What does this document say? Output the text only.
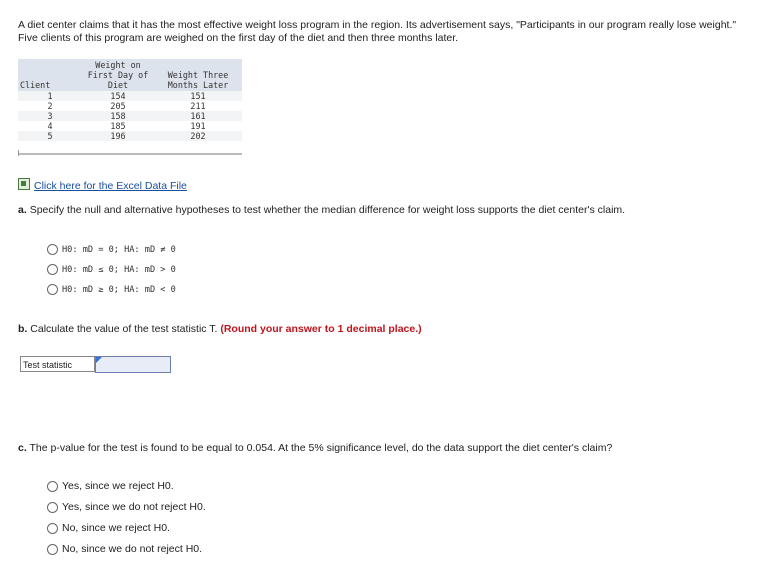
A diet center claims that it has the most effective weight loss program in the region. Its advertisement says, "Participants in our program really lose weight." Five clients of this program are weighed on the first day of the diet and then three months later.
Client	Weight on First Day of Diet	Weight Three Months Later
1	154	151
2	205	211
3	158	161
4	185	191
5	196	202
Click here for the Excel Data File
a. Specify the null and alternative hypotheses to test whether the median difference for weight loss supports the diet center's claim.
H0: mD = 0; HA: mD ≠ 0
H0: mD ≤ 0; HA: mD > 0
H0: mD ≥ 0; HA: mD < 0
b. Calculate the value of the test statistic T. (Round your answer to 1 decimal place.)
Test statistic
c. The p-value for the test is found to be equal to 0.054. At the 5% significance level, do the data support the diet center's claim?
Yes, since we reject H0.
Yes, since we do not reject H0.
No, since we reject H0.
No, since we do not reject H0.
